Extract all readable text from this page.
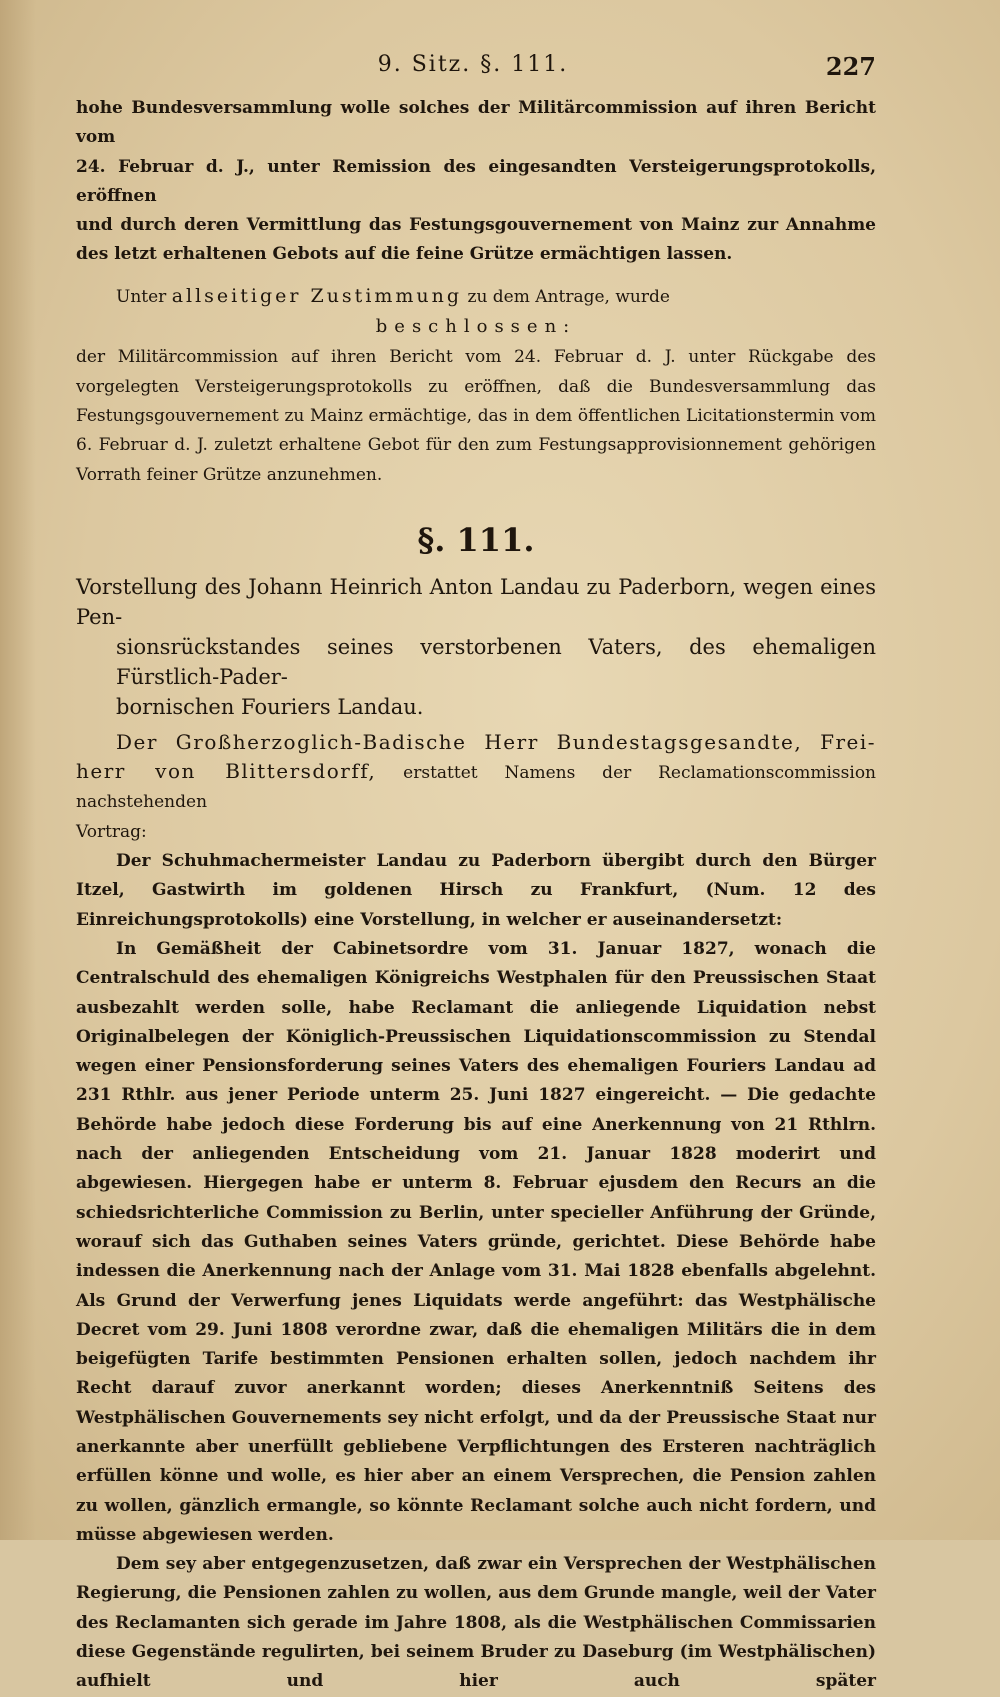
9. Sitz. §. 111.	227

hohe Bundesversammlung wolle solches der Militärcommission auf ihren Bericht vom

24. Februar d. J., unter Remission des eingesandten Versteigerungsprotokolls, eröffnen

und durch deren Vermittlung das Festungsgouvernement von Mainz zur Annahme

des letzt erhaltenen Gebots auf die feine Grütze ermächtigen lassen.

Unter allseitiger Zustimmung zu dem Antrage, wurde

beschlossen:

der Militärcommission auf ihren Bericht vom 24. Februar d. J. unter Rückgabe des vorgelegten Versteigerungsprotokolls zu eröffnen, daß die Bundesversammlung das Festungsgouvernement zu Mainz ermächtige, das in dem öffentlichen Licitationstermin vom 6. Februar d. J. zuletzt erhaltene Gebot für den zum Festungsapprovisionnement gehörigen Vorrath feiner Grütze anzunehmen.

§. 111.
Vorstellung des Johann Heinrich Anton Landau zu Paderborn, wegen eines Pen-
sionsrückstandes seines verstorbenen Vaters, des ehemaligen Fürstlich-Pader-
bornischen Fouriers Landau.

Der Großherzoglich-Badische Herr Bundestagsgesandte, Frei-

herr von Blittersdorff, erstattet Namens der Reclamationscommission nachstehenden

Vortrag:

Der Schuhmachermeister Landau zu Paderborn übergibt durch den Bürger Itzel, Gastwirth im goldenen Hirsch zu Frankfurt, (Num. 12 des Einreichungsprotokolls) eine Vorstellung, in welcher er auseinandersetzt:

In Gemäßheit der Cabinetsordre vom 31. Januar 1827, wonach die Centralschuld des ehemaligen Königreichs Westphalen für den Preussischen Staat ausbezahlt werden solle, habe Reclamant die anliegende Liquidation nebst Originalbelegen der Königlich-Preussischen Liquidationscommission zu Stendal wegen einer Pensionsforderung seines Vaters des ehemaligen Fouriers Landau ad 231 Rthlr. aus jener Periode unterm 25. Juni 1827 eingereicht. — Die gedachte Behörde habe jedoch diese Forderung bis auf eine Anerkennung von 21 Rthlrn. nach der anliegenden Entscheidung vom 21. Januar 1828 moderirt und abgewiesen. Hiergegen habe er unterm 8. Februar ejusdem den Recurs an die schiedsrichterliche Commission zu Berlin, unter specieller Anführung der Gründe, worauf sich das Guthaben seines Vaters gründe, gerichtet. Diese Behörde habe indessen die Anerkennung nach der Anlage vom 31. Mai 1828 ebenfalls abgelehnt. Als Grund der Verwerfung jenes Liquidats werde angeführt: das Westphälische Decret vom 29. Juni 1808 verordne zwar, daß die ehemaligen Militärs die in dem beigefügten Tarife bestimmten Pensionen erhalten sollen, jedoch nachdem ihr Recht darauf zuvor anerkannt worden; dieses Anerkenntniß Seitens des Westphälischen Gouvernements sey nicht erfolgt, und da der Preussische Staat nur anerkannte aber unerfüllt gebliebene Verpflichtungen des Ersteren nachträglich erfüllen könne und wolle, es hier aber an einem Versprechen, die Pension zahlen zu wollen, gänzlich ermangle, so könnte Reclamant solche auch nicht fordern, und müsse abgewiesen werden.

Dem sey aber entgegenzusetzen, daß zwar ein Versprechen der Westphälischen Regierung, die Pensionen zahlen zu wollen, aus dem Grunde mangle, weil der Vater des Reclamanten sich gerade im Jahre 1808, als die Westphälischen Commissarien diese Gegenstände regulirten, bei seinem Bruder zu Daseburg (im Westphälischen) aufhielt und hier auch später
